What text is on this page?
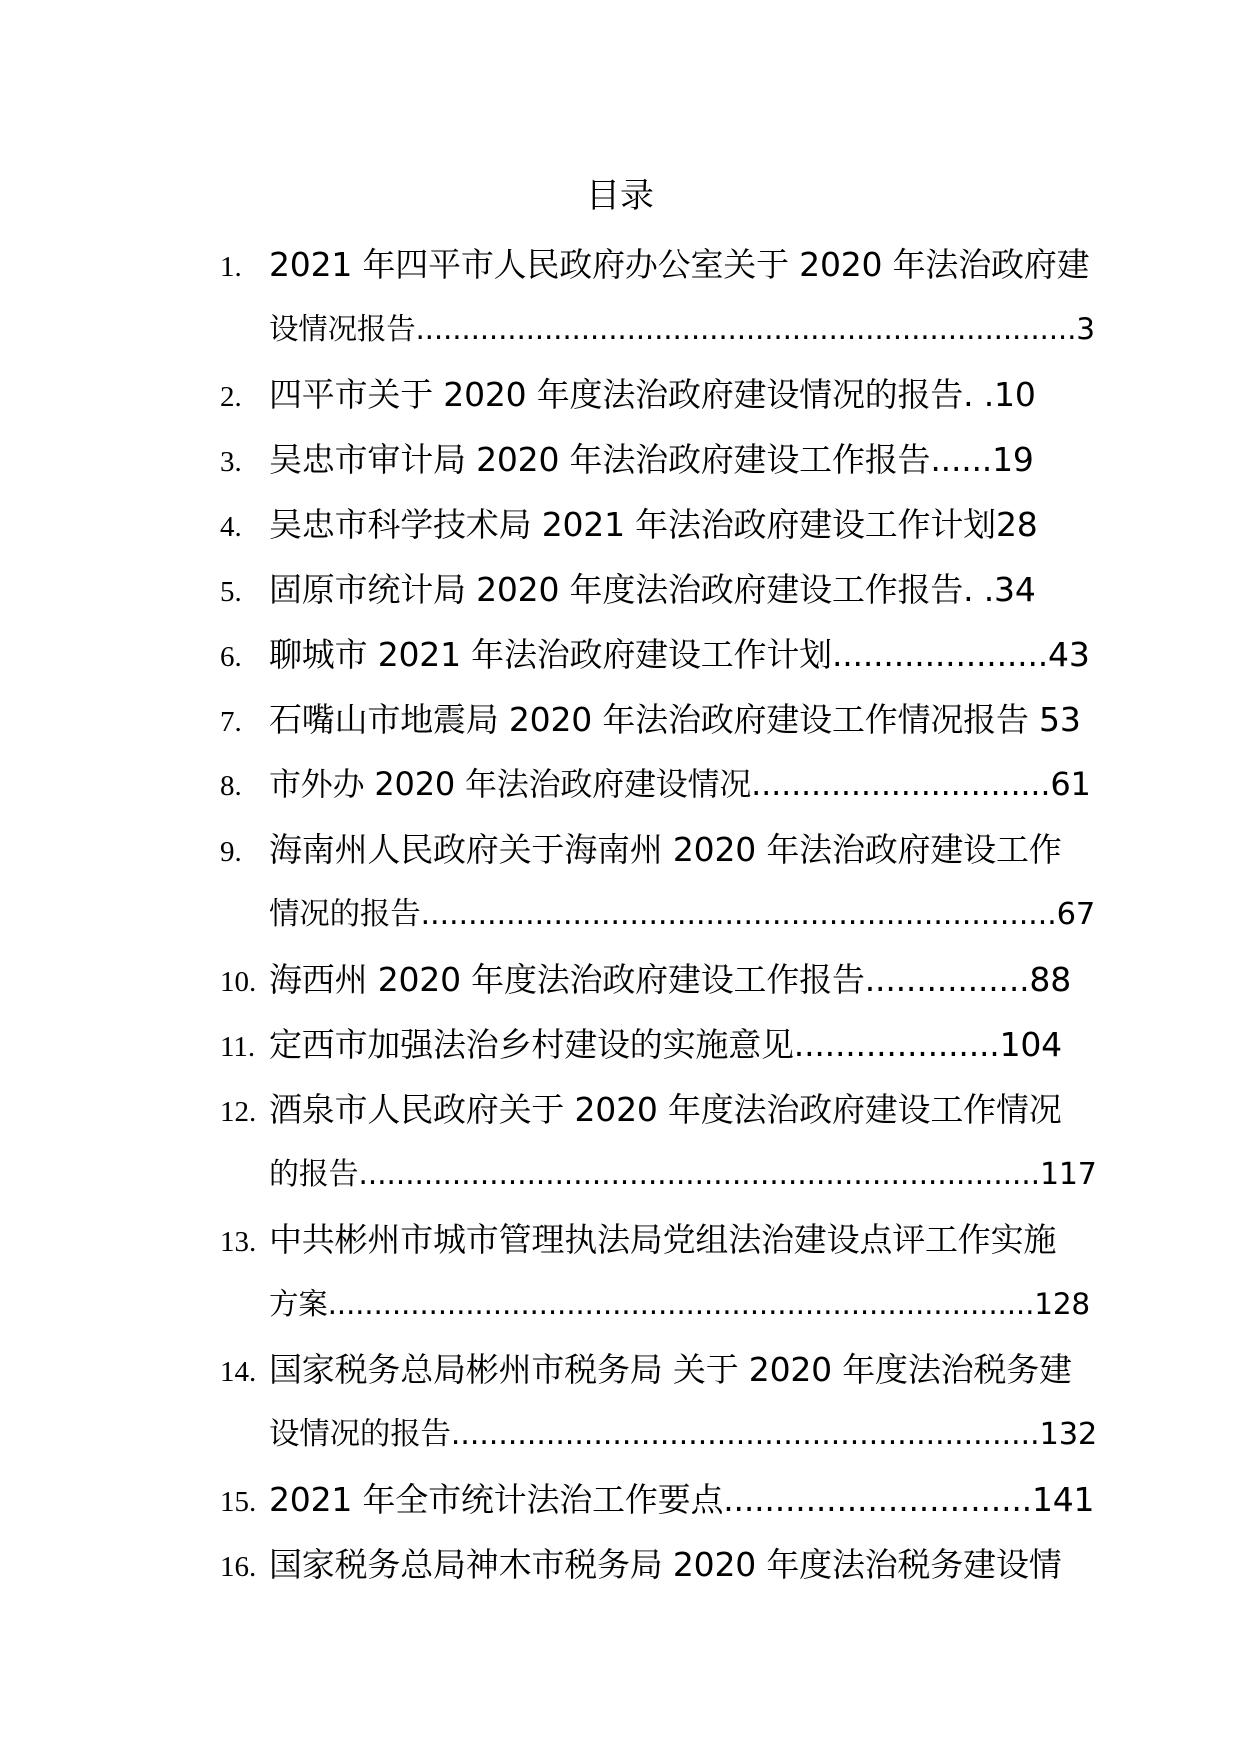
目录
1. 2021 年四平市人民政府办公室关于 2020 年法治政府建
设情况报告........................................................................3
2. 四平市关于 2020 年度法治政府建设情况的报告. .10
3. 吴忠市审计局 2020 年法治政府建设工作报告......19
4. 吴忠市科学技术局 2021 年法治政府建设工作计划28
5. 固原市统计局 2020 年度法治政府建设工作报告. .34
6. 聊城市 2021 年法治政府建设工作计划.....................43
7. 石嘴山市地震局 2020 年法治政府建设工作情况报告 53
8. 市外办 2020 年法治政府建设情况..............................61
9. 海南州人民政府关于海南州 2020 年法治政府建设工作
情况的报告...................................................................67
10. 海西州 2020 年度法治政府建设工作报告................88
11. 定西市加强法治乡村建设的实施意见....................104
12. 酒泉市人民政府关于 2020 年度法治政府建设工作情况
的报告.........................................................................117
13. 中共彬州市城市管理执法局党组法治建设点评工作实施
方案.............................................................................128
14. 国家税务总局彬州市税务局 关于 2020 年度法治税务建
设情况的报告..............................................................132
15. 2021 年全市统计法治工作要点..............................141
16. 国家税务总局神木市税务局 2020 年度法治税务建设情
